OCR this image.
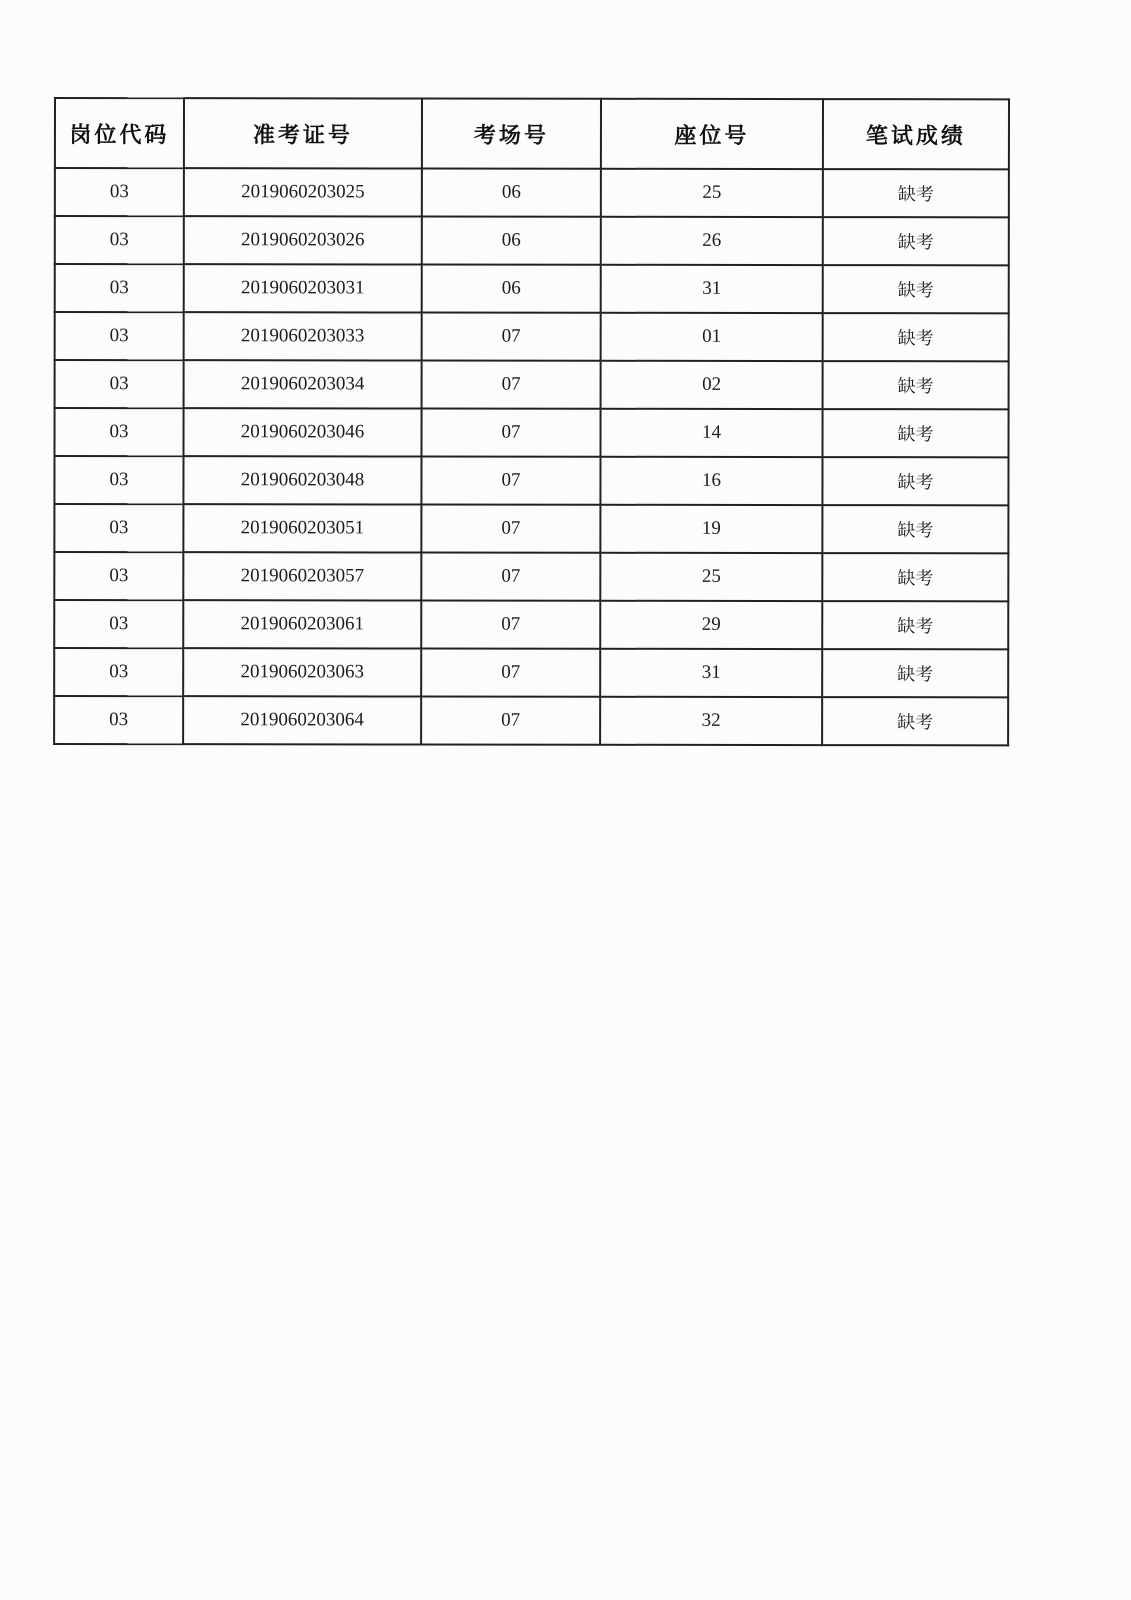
岗位代码	准考证号	考场号	座位号	笔试成绩
03	2019060203025	06	25	缺考
03	2019060203026	06	26	缺考
03	2019060203031	06	31	缺考
03	2019060203033	07	01	缺考
03	2019060203034	07	02	缺考
03	2019060203046	07	14	缺考
03	2019060203048	07	16	缺考
03	2019060203051	07	19	缺考
03	2019060203057	07	25	缺考
03	2019060203061	07	29	缺考
03	2019060203063	07	31	缺考
03	2019060203064	07	32	缺考
